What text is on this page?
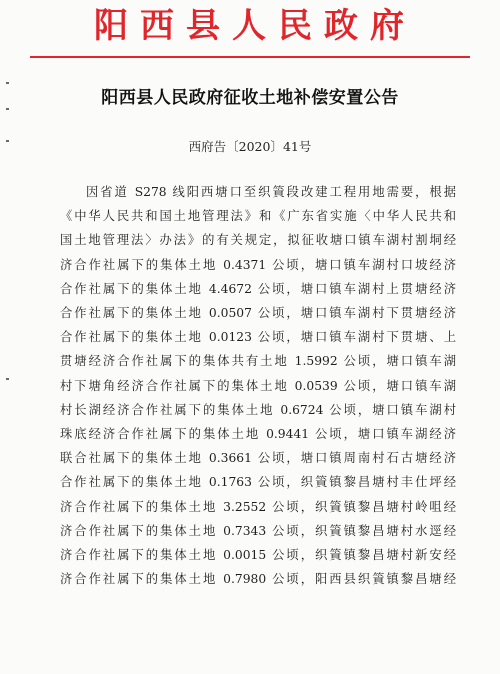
阳西县人民政府
阳西县人民政府征收土地补偿安置公告
西府告〔2020〕41号
因省道 S278 线阳西塘口至织篢段改建工程用地需要，根据
《中华人民共和国土地管理法》和《广东省实施〈中华人民共和
国土地管理法〉办法》的有关规定，拟征收塘口镇车湖村割垌经
济合作社属下的集体土地 0.4371 公顷，塘口镇车湖村口坡经济
合作社属下的集体土地 4.4672 公顷，塘口镇车湖村上贯塘经济
合作社属下的集体土地 0.0507 公顷，塘口镇车湖村下贯塘经济
合作社属下的集体土地 0.0123 公顷，塘口镇车湖村下贯塘、上
贯塘经济合作社属下的集体共有土地 1.5992 公顷，塘口镇车湖
村下塘角经济合作社属下的集体土地 0.0539 公顷，塘口镇车湖
村长湖经济合作社属下的集体土地 0.6724 公顷，塘口镇车湖村
珠底经济合作社属下的集体土地 0.9441 公顷，塘口镇车湖经济
联合社属下的集体土地 0.3661 公顷，塘口镇周南村石古塘经济
合作社属下的集体土地 0.1763 公顷，织篢镇黎昌塘村丰仕坪经
济合作社属下的集体土地 3.2552 公顷，织篢镇黎昌塘村岭咀经
济合作社属下的集体土地 0.7343 公顷，织篢镇黎昌塘村水逕经
济合作社属下的集体土地 0.0015 公顷，织篢镇黎昌塘村新安经
济合作社属下的集体土地 0.7980 公顷，阳西县织篢镇黎昌塘经
